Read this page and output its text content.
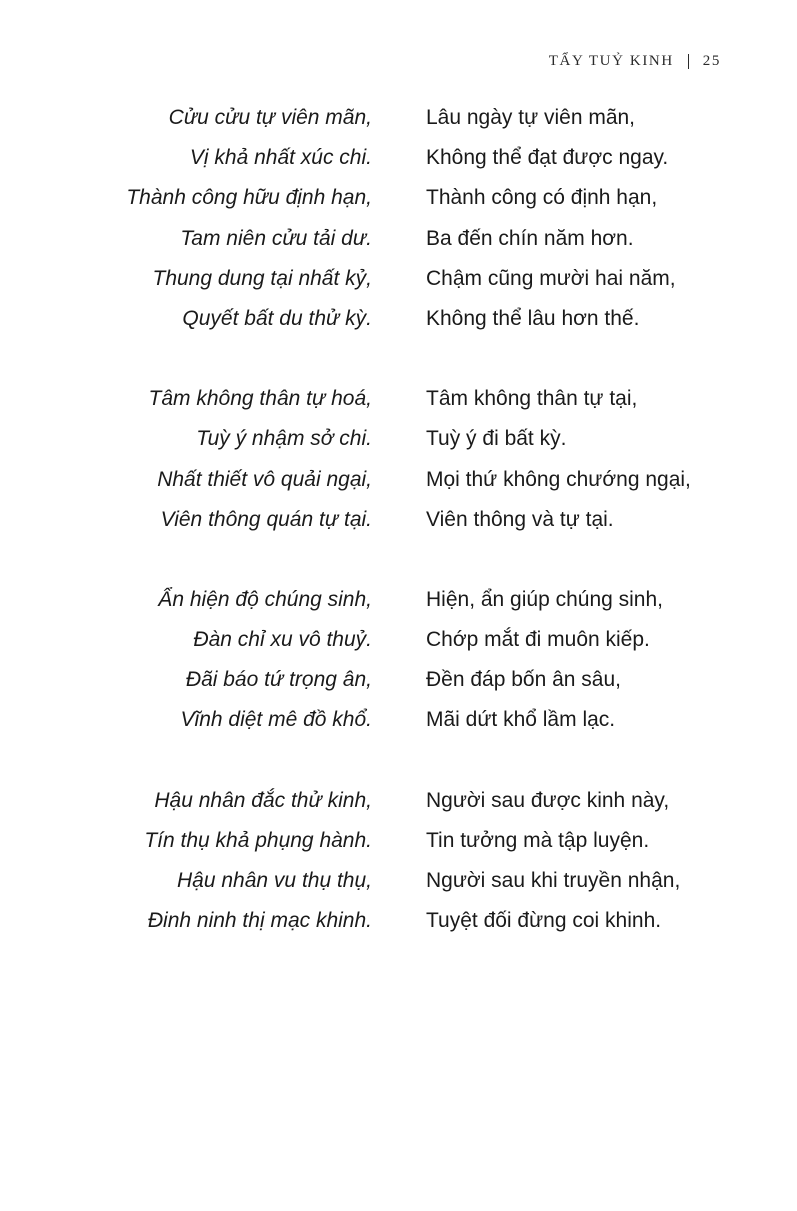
TẨY TUỶ KINH 25
Cửu cửu tự viên mãn,	Lâu ngày tự viên mãn,
Vị khả nhất xúc chi.	Không thể đạt được ngay.
Thành công hữu định hạn,	Thành công có định hạn,
Tam niên cửu tải dư.	Ba đến chín năm hơn.
Thung dung tại nhất kỷ,	Chậm cũng mười hai năm,
Quyết bất du thử kỳ.	Không thể lâu hơn thế.
Tâm không thân tự hoá,	Tâm không thân tự tại,
Tuỳ ý nhậm sở chi.	Tuỳ ý đi bất kỳ.
Nhất thiết vô quải ngại,	Mọi thứ không chướng ngại,
Viên thông quán tự tại.	Viên thông và tự tại.
Ẩn hiện độ chúng sinh,	Hiện, ẩn giúp chúng sinh,
Đàn chỉ xu vô thuỷ.	Chớp mắt đi muôn kiếp.
Đãi báo tứ trọng ân,	Đền đáp bốn ân sâu,
Vĩnh diệt mê đồ khổ.	Mãi dứt khổ lầm lạc.
Hậu nhân đắc thử kinh,	Người sau được kinh này,
Tín thụ khả phụng hành.	Tin tưởng mà tập luyện.
Hậu nhân vu thụ thụ,	Người sau khi truyền nhận,
Đinh ninh thị mạc khinh.	Tuyệt đối đừng coi khinh.
